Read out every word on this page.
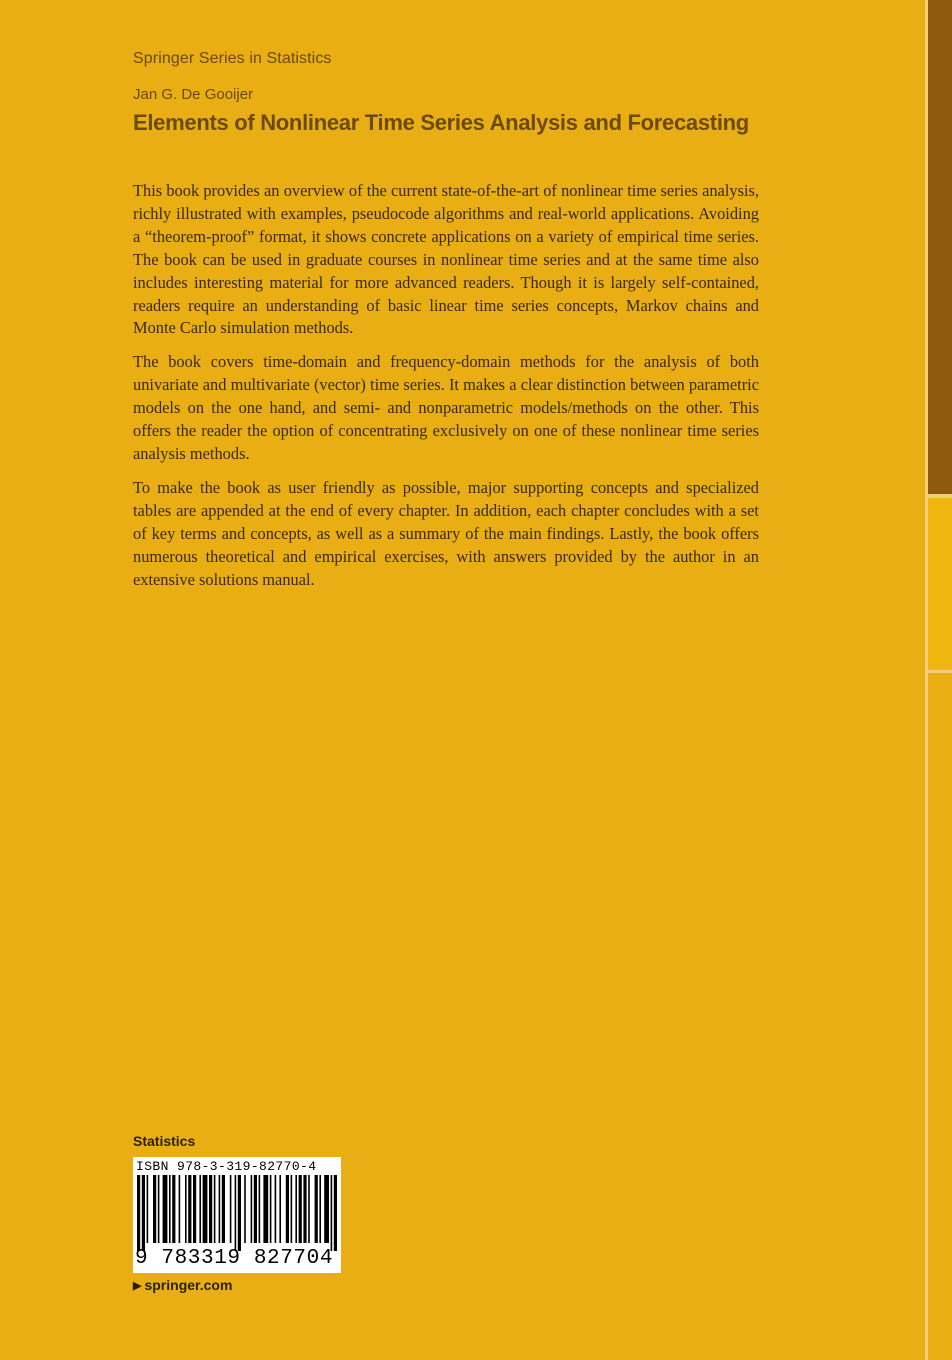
Springer Series in Statistics
Jan G. De Gooijer
Elements of Nonlinear Time Series Analysis and Forecasting

This book provides an overview of the current state-of-the-art of nonlinear time series analysis, richly illustrated with examples, pseudocode algorithms and real-world applications. Avoiding a “theorem-proof” format, it shows concrete applications on a variety of empirical time series. The book can be used in graduate courses in nonlinear time series and at the same time also includes interesting material for more advanced readers. Though it is largely self-contained, readers require an understanding of basic linear time series concepts, Markov chains and Monte Carlo simulation methods.

The book covers time-domain and frequency-domain methods for the analysis of both univariate and multivariate (vector) time series. It makes a clear distinction between parametric models on the one hand, and semi- and nonparametric models/methods on the other. This offers the reader the option of concentrating exclusively on one of these nonlinear time series analysis methods.

To make the book as user friendly as possible, major supporting concepts and specialized tables are appended at the end of every chapter. In addition, each chapter concludes with a set of key terms and concepts, as well as a summary of the main findings. Lastly, the book offers numerous theoretical and empirical exercises, with answers provided by the author in an extensive solutions manual.

Statistics
ISBN 978-3-319-82770-4
9 783319 827704
▶ springer.com
